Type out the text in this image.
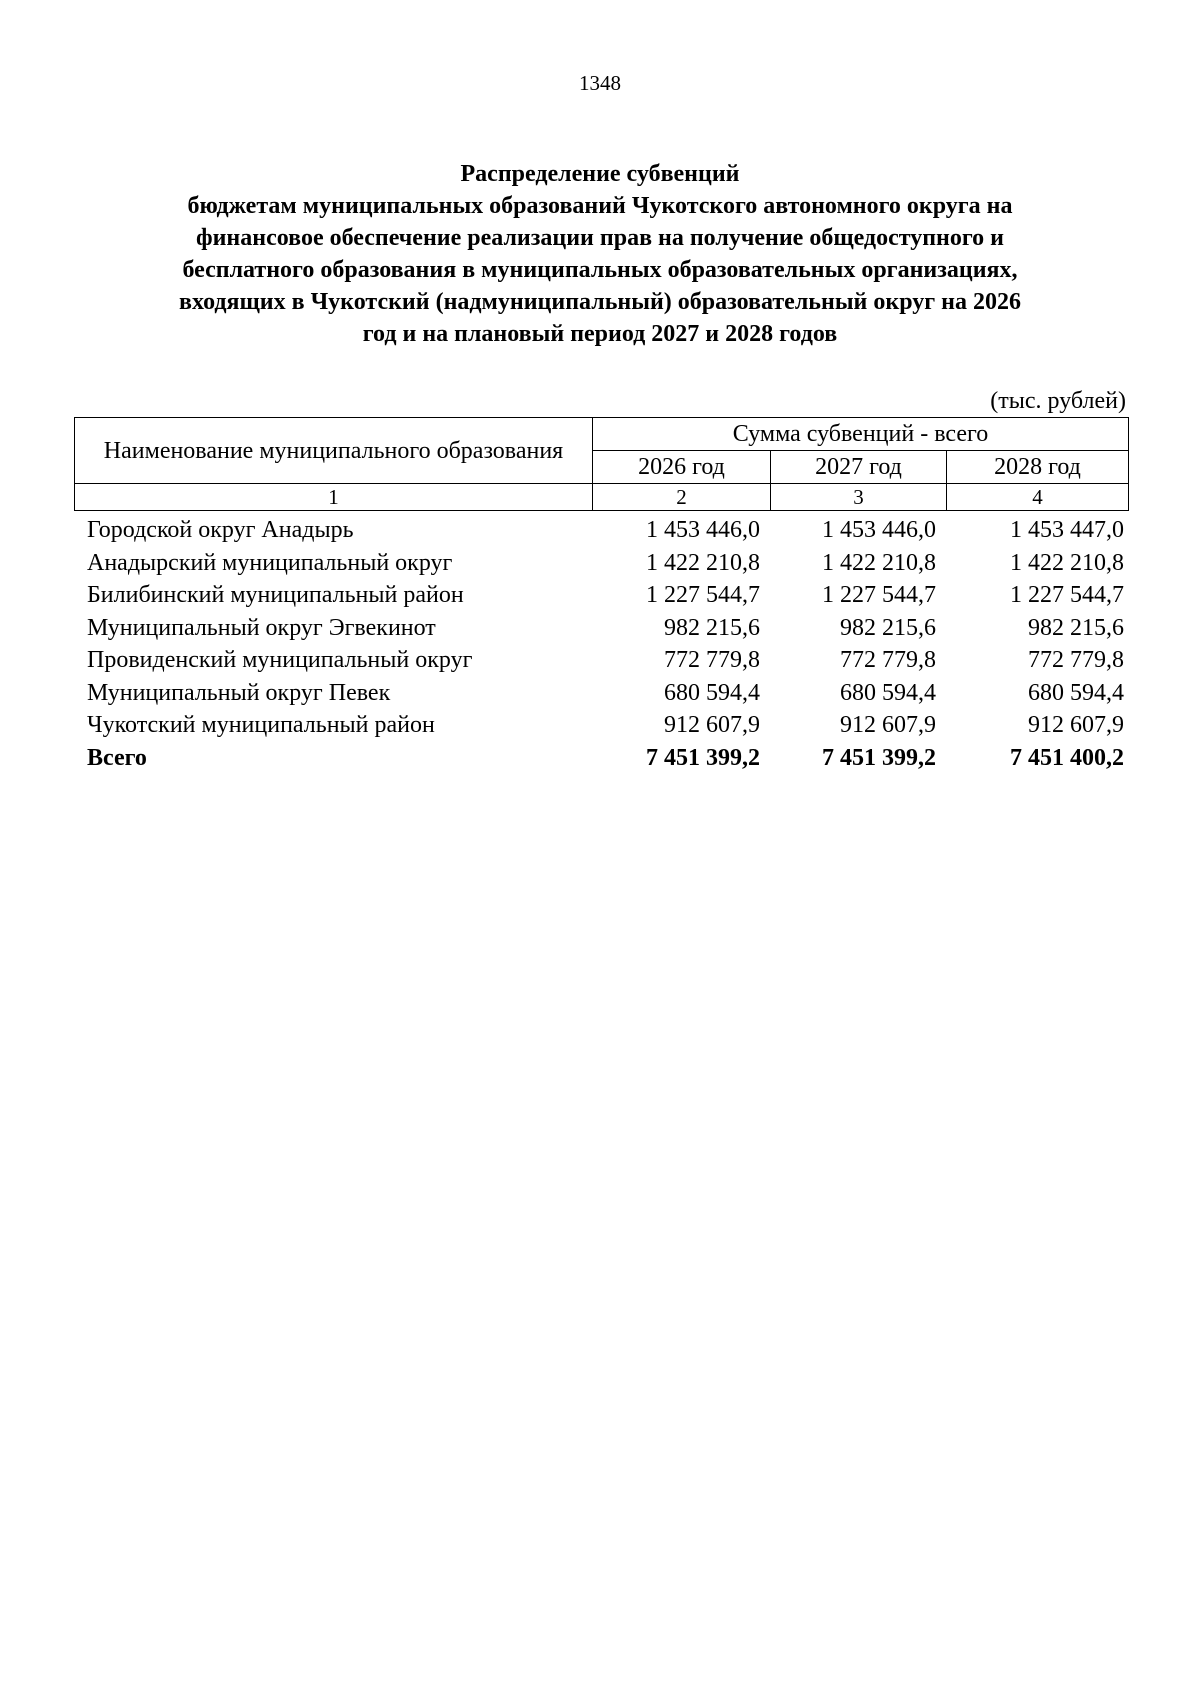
1348
Распределение субвенций
бюджетам муниципальных образований Чукотского автономного округа на
финансовое обеспечение реализации прав на получение общедоступного и
бесплатного образования в муниципальных образовательных организациях,
входящих в Чукотский (надмуниципальный) образовательный округ на 2026
год и на плановый период 2027 и 2028 годов
(тыс. рублей)
Наименование муниципального образования	Сумма субвенций - всего		
	2026 год	2027 год	2028 год
1	2	3	4
Городской округ Анадырь	1 453 446,0	1 453 446,0	1 453 447,0
Анадырский муниципальный округ	1 422 210,8	1 422 210,8	1 422 210,8
Билибинский муниципальный район	1 227 544,7	1 227 544,7	1 227 544,7
Муниципальный округ Эгвекинот	982 215,6	982 215,6	982 215,6
Провиденский муниципальный округ	772 779,8	772 779,8	772 779,8
Муниципальный округ Певек	680 594,4	680 594,4	680 594,4
Чукотский муниципальный район	912 607,9	912 607,9	912 607,9
Всего	7 451 399,2	7 451 399,2	7 451 400,2
